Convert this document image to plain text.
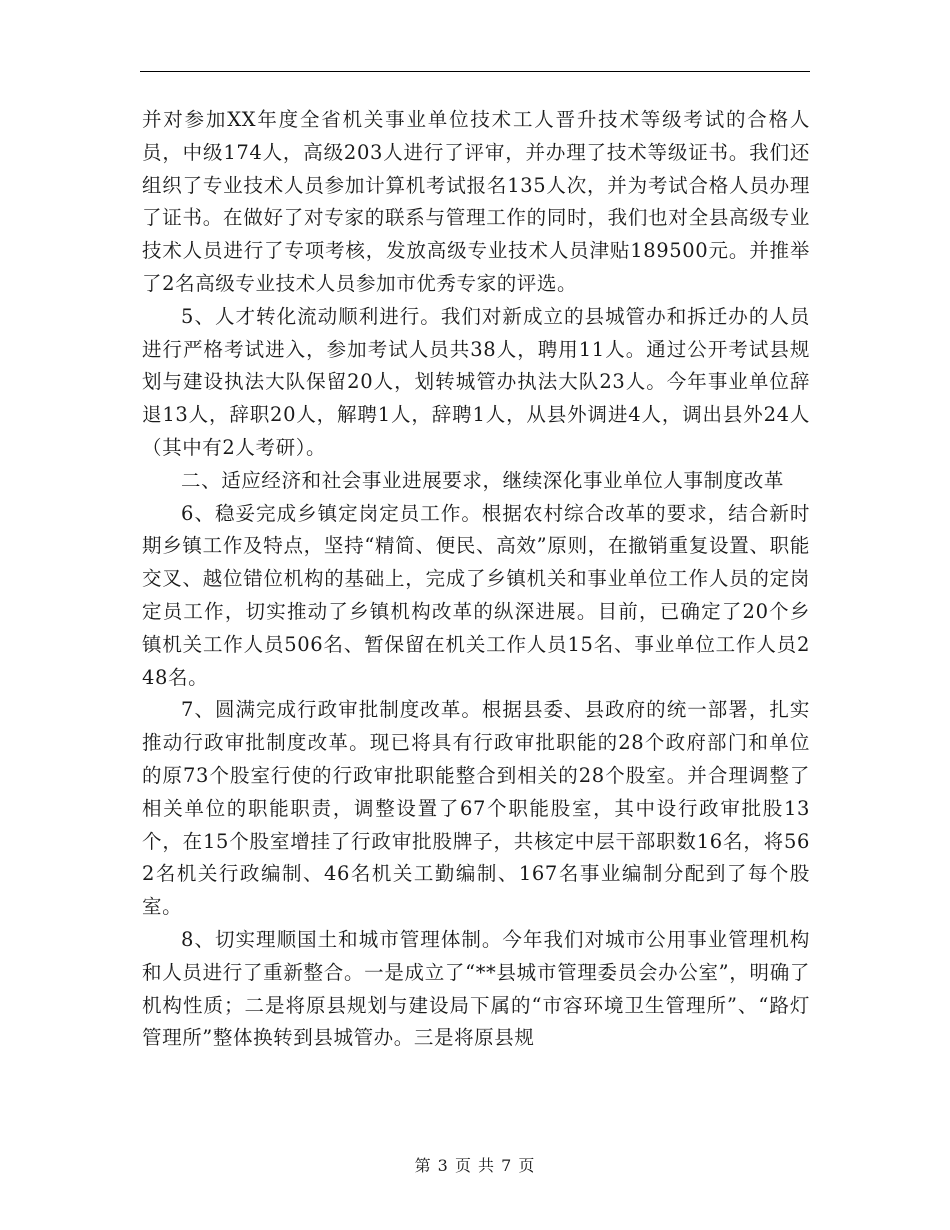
并对参加XX年度全省机关事业单位技术工人晋升技术等级考试的合格人员，中级174人，高级203人进行了评审，并办理了技术等级证书。我们还组织了专业技术人员参加计算机考试报名135人次，并为考试合格人员办理了证书。在做好了对专家的联系与管理工作的同时，我们也对全县高级专业技术人员进行了专项考核，发放高级专业技术人员津贴189500元。并推举了2名高级专业技术人员参加市优秀专家的评选。

5、人才转化流动顺利进行。我们对新成立的县城管办和拆迁办的人员进行严格考试进入，参加考试人员共38人，聘用11人。通过公开考试县规划与建设执法大队保留20人，划转城管办执法大队23人。今年事业单位辞退13人，辞职20人，解聘1人，辞聘1人，从县外调进4人，调出县外24人（其中有2人考研）。

二、适应经济和社会事业进展要求，继续深化事业单位人事制度改革

6、稳妥完成乡镇定岗定员工作。根据农村综合改革的要求，结合新时期乡镇工作及特点，坚持“精简、便民、高效”原则，在撤销重复设置、职能交叉、越位错位机构的基础上，完成了乡镇机关和事业单位工作人员的定岗定员工作，切实推动了乡镇机构改革的纵深进展。目前，已确定了20个乡镇机关工作人员506名、暂保留在机关工作人员15名、事业单位工作人员248名。

7、圆满完成行政审批制度改革。根据县委、县政府的统一部署，扎实推动行政审批制度改革。现已将具有行政审批职能的28个政府部门和单位的原73个股室行使的行政审批职能整合到相关的28个股室。并合理调整了相关单位的职能职责，调整设置了67个职能股室，其中设行政审批股13个，在15个股室增挂了行政审批股牌子，共核定中层干部职数16名，将562名机关行政编制、46名机关工勤编制、167名事业编制分配到了每个股室。

8、切实理顺国土和城市管理体制。今年我们对城市公用事业管理机构和人员进行了重新整合。一是成立了“**县城市管理委员会办公室”，明确了机构性质；二是将原县规划与建设局下属的“市容环境卫生管理所”、“路灯管理所”整体换转到县城管办。三是将原县规

第 3 页 共 7 页
